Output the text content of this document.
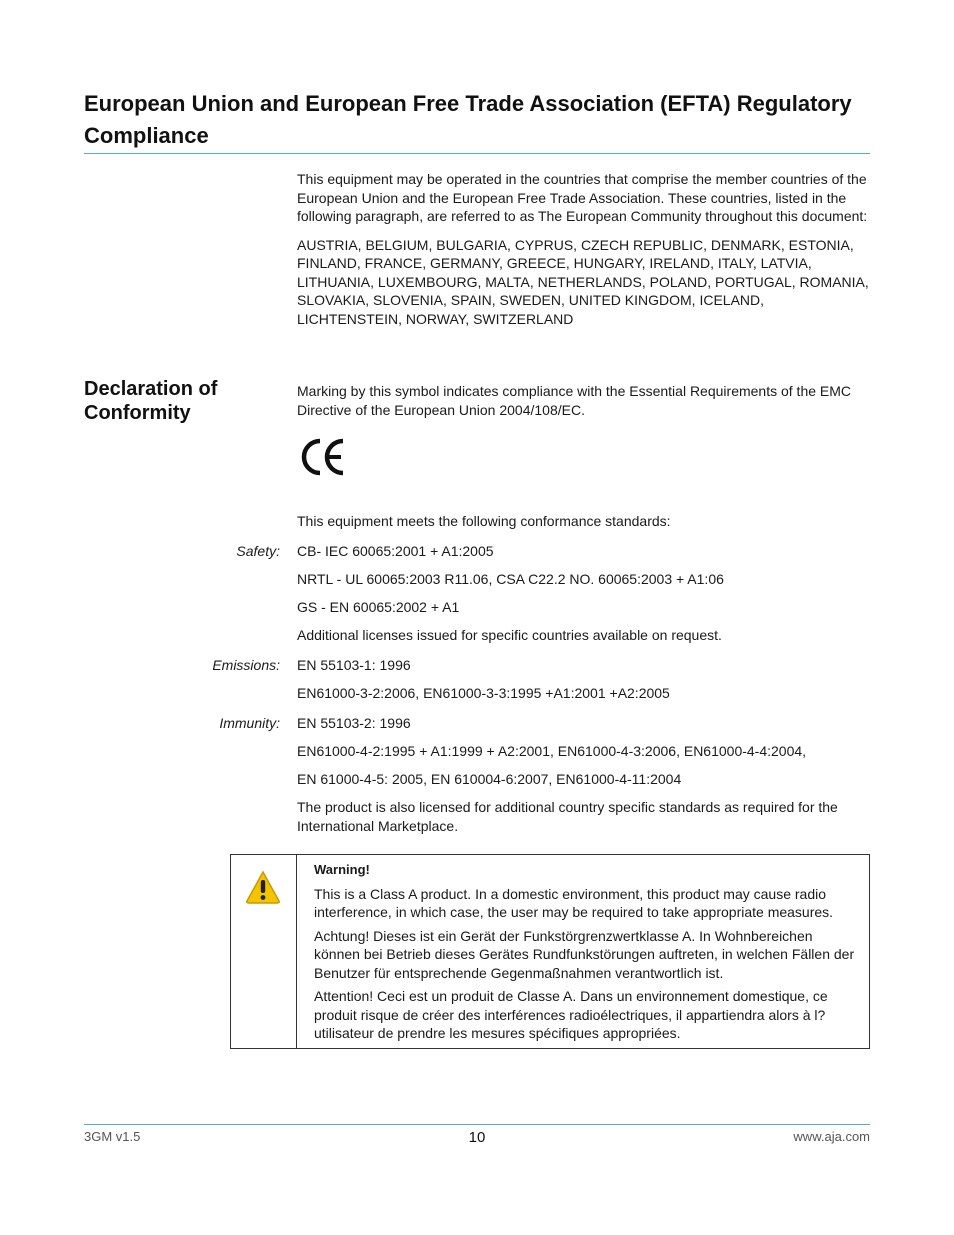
European Union and European Free Trade Association (EFTA) Regulatory Compliance

This equipment may be operated in the countries that comprise the member countries of the European Union and the European Free Trade Association. These countries, listed in the following paragraph, are referred to as The European Community throughout this document:

AUSTRIA, BELGIUM, BULGARIA, CYPRUS, CZECH REPUBLIC, DENMARK, ESTONIA, FINLAND, FRANCE, GERMANY, GREECE, HUNGARY, IRELAND, ITALY, LATVIA, LITHUANIA, LUXEMBOURG, MALTA, NETHERLANDS, POLAND, PORTUGAL, ROMANIA, SLOVAKIA, SLOVENIA, SPAIN, SWEDEN, UNITED KINGDOM, ICELAND, LICHTENSTEIN, NORWAY, SWITZERLAND

Declaration of Conformity
Marking by this symbol indicates compliance with the Essential Requirements of the EMC Directive of the European Union 2004/108/EC.
This equipment meets the following conformance standards:
Safety: CB- IEC 60065:2001 + A1:2005
NRTL - UL 60065:2003 R11.06, CSA C22.2 NO. 60065:2003 + A1:06
GS - EN 60065:2002 + A1
Additional licenses issued for specific countries available on request.
Emissions: EN 55103-1: 1996
EN61000-3-2:2006, EN61000-3-3:1995 +A1:2001 +A2:2005
Immunity: EN 55103-2: 1996
EN61000-4-2:1995 + A1:1999 + A2:2001, EN61000-4-3:2006, EN61000-4-4:2004,
EN 61000-4-5: 2005, EN 610004-6:2007, EN61000-4-11:2004
The product is also licensed for additional country specific standards as required for the International Marketplace.

Warning!

This is a Class A product. In a domestic environment, this product may cause radio interference, in which case, the user may be required to take appropriate measures.

Achtung! Dieses ist ein Gerät der Funkstörgrenzwertklasse A. In Wohnbereichen können bei Betrieb dieses Gerätes Rundfunkstörungen auftreten, in welchen Fällen der Benutzer für entsprechende Gegenmaßnahmen verantwortlich ist.

Attention! Ceci est un produit de Classe A. Dans un environnement domestique, ce produit risque de créer des interférences radioélectriques, il appartiendra alors à l?utilisateur de prendre les mesures spécifiques appropriées.

3GM v1.5	10	www.aja.com
